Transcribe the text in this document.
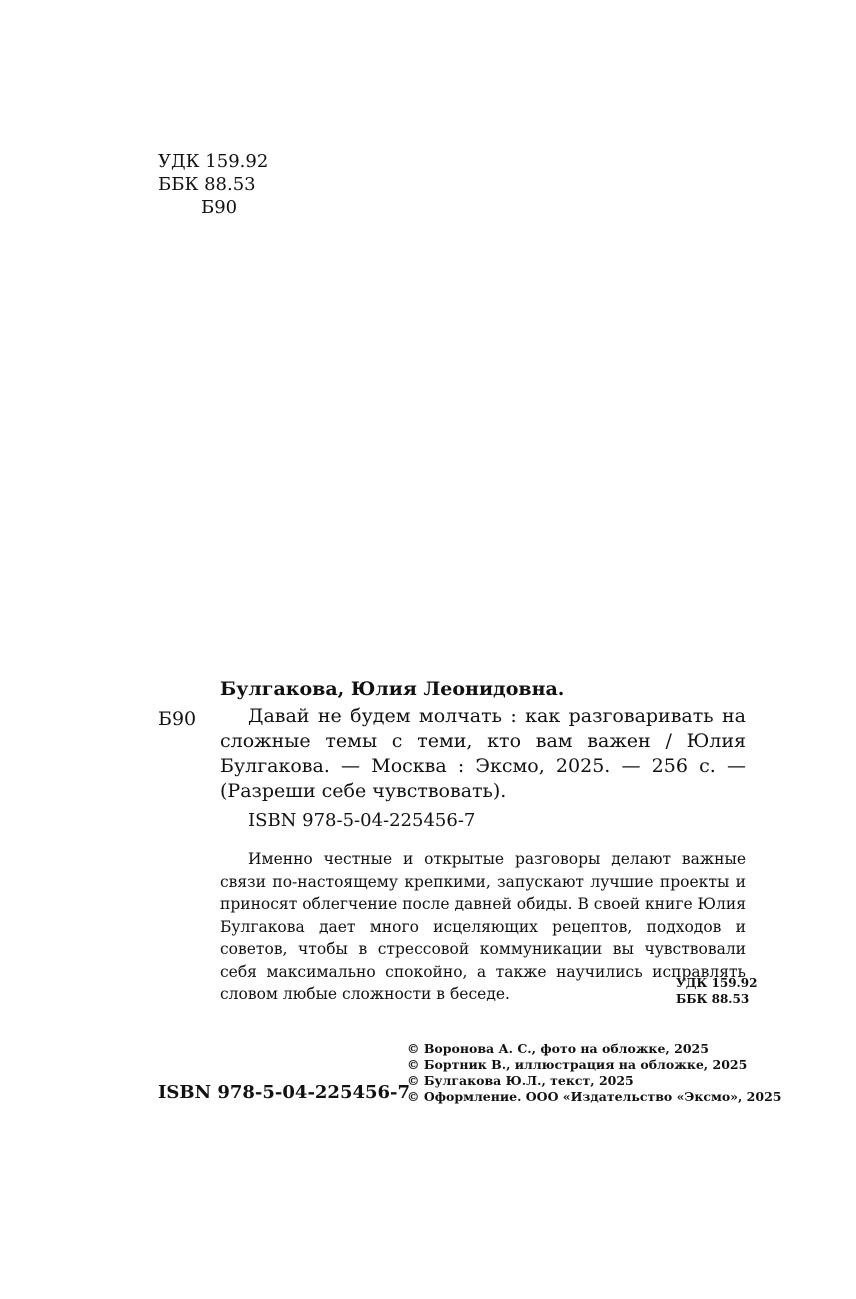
УДК 159.92
ББК 88.53
Б90
Булгакова, Юлия Леонидовна.
Б90	Давай не будем молчать : как разговаривать на сложные темы с теми, кто вам важен / Юлия Булгакова. — Москва : Эксмо, 2025. — 256 с. — (Разреши себе чувствовать).
ISBN 978-5-04-225456-7
Именно честные и открытые разговоры делают важные связи по-настоящему крепкими, запускают лучшие проекты и приносят облегчение после давней обиды. В своей книге Юлия Булгакова дает много исцеляющих рецептов, подходов и советов, чтобы в стрессовой коммуникации вы чувствовали себя максимально спокойно, а также научились исправлять словом любые сложности в беседе.
УДК 159.92
ББК 88.53
© Воронова А. С., фото на обложке, 2025
© Бортник В., иллюстрация на обложке, 2025
© Булгакова Ю.Л., текст, 2025
© Оформление. ООО «Издательство «Эксмо», 2025
ISBN 978-5-04-225456-7
